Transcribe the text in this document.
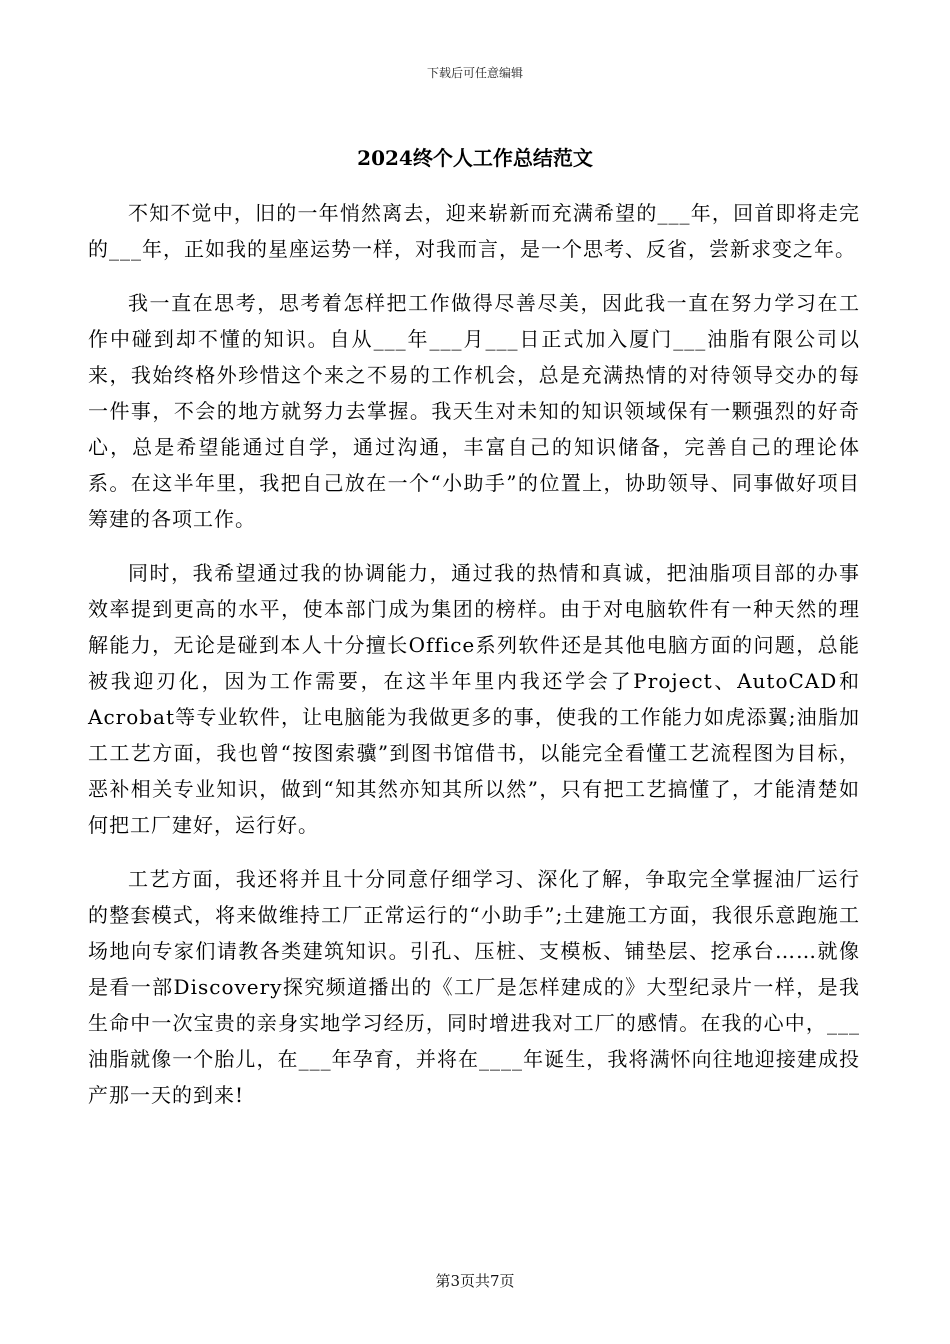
下载后可任意编辑
2024终个人工作总结范文

不知不觉中，旧的一年悄然离去，迎来崭新而充满希望的___年，回首即将走完的___年，正如我的星座运势一样，对我而言，是一个思考、反省，尝新求变之年。

我一直在思考，思考着怎样把工作做得尽善尽美，因此我一直在努力学习在工作中碰到却不懂的知识。自从___年___月___日正式加入厦门___油脂有限公司以来，我始终格外珍惜这个来之不易的工作机会，总是充满热情的对待领导交办的每一件事，不会的地方就努力去掌握。我天生对未知的知识领域保有一颗强烈的好奇心，总是希望能通过自学，通过沟通，丰富自己的知识储备，完善自己的理论体系。在这半年里，我把自己放在一个“小助手”的位置上，协助领导、同事做好项目筹建的各项工作。

同时，我希望通过我的协调能力，通过我的热情和真诚，把油脂项目部的办事效率提到更高的水平，使本部门成为集团的榜样。由于对电脑软件有一种天然的理解能力，无论是碰到本人十分擅长Office系列软件还是其他电脑方面的问题，总能被我迎刃化，因为工作需要，在这半年里内我还学会了Project、AutoCAD和Acrobat等专业软件，让电脑能为我做更多的事，使我的工作能力如虎添翼;油脂加工工艺方面，我也曾“按图索骥”到图书馆借书，以能完全看懂工艺流程图为目标，恶补相关专业知识，做到“知其然亦知其所以然”，只有把工艺搞懂了，才能清楚如何把工厂建好，运行好。

工艺方面，我还将并且十分同意仔细学习、深化了解，争取完全掌握油厂运行的整套模式，将来做维持工厂正常运行的“小助手”;土建施工方面，我很乐意跑施工场地向专家们请教各类建筑知识。引孔、压桩、支模板、铺垫层、挖承台……就像是看一部Discovery探究频道播出的《工厂是怎样建成的》大型纪录片一样，是我生命中一次宝贵的亲身实地学习经历，同时增进我对工厂的感情。在我的心中，___油脂就像一个胎儿，在___年孕育，并将在____年诞生，我将满怀向往地迎接建成投产那一天的到来!

第3页共7页
